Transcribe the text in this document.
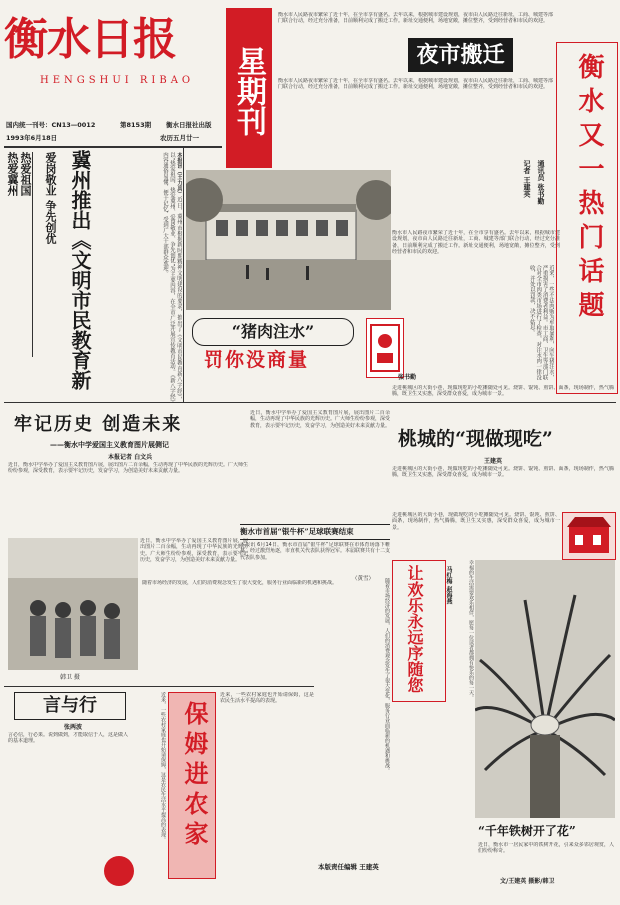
衡水日报
HENGSHUI RIBAO 星期刊
国内统一刊号：CN13—0012	第8153期 衡水日报社出版
1993年6月18日	农历五月廿一
热爱祖国
热爱冀州	爱岗敬业 争先创优
冀州推出《文明市民教育新
本报讯（王力具）近日，冀州市根据新时期精神文明建设的要求，推出了《文明市民教育新八字经》，以“热爱祖国、热爱冀州、爱岗敬业、争先创优”为主要内容，在全市广泛开展宣传教育活动。《新八字经》内容通俗易懂，便于记忆，受到广大干部群众欢迎。
夜市搬迁
衡水市人民路夜市繁荣了近十年，在全市享有盛名。去年以来，根据城市建设规划，夜市由人民路迁往新址，工商、城建等部门联合行动，经过充分准备，日前顺利完成了搬迁工作。新址交通便利，场地宽敞，摊位整齐，受到经营者和市民的欢迎。
衡水市人民路夜市繁荣了近十年，在全市享有盛名。去年以来，根据城市建设规划，夜市由人民路迁往新址，工商、城建等部门联合行动，经过充分准备，日前顺利完成了搬迁工作。新址交通便利，场地宽敞，摊位整齐，受到经营者和市民的欢迎。
衡水市人民路夜市繁荣了近十年，在全市享有盛名。去年以来，根据城市建设规划，夜市由人民路迁往新址，工商、城建等部门联合行动，经过充分准备，日前顺利完成了搬迁工作。新址交通便利，场地宽敞，摊位整齐，受到经营者和市民的欢迎。	衡水又一热门话题
记者 王建英 通讯员 张书勤
“猪肉注水”
罚你没商量	近来，一些不法肉贩为牟取暴利，向生猪注水，严重损害了消费者利益。市工商、卫生等部门联合对全市肉类市场进行了检查，对注水肉一律没收，并处以罚款，决不姑息。
张书勤
牢记历史 创造未来
——衡水中学爱国主义教育图片展侧记
本报记者 白文兵
近日，衡水中学举办了爱国主义教育图片展，展出图片二百余幅，生动再现了中华民族的光辉历史。广大师生纷纷参观，深受教育，表示要牢记历史，发奋学习，为创造美好未来贡献力量。
韩卫 摄
近日，衡水中学举办了爱国主义教育图片展，展出图片二百余幅，生动再现了中华民族的光辉历史。广大师生纷纷参观，深受教育，表示要牢记历史，发奋学习，为创造美好未来贡献力量。
近日，衡水中学举办了爱国主义教育图片展，展出图片二百余幅，生动再现了中华民族的光辉历史。广大师生纷纷参观，深受教育，表示要牢记历史，发奋学习，为创造美好未来贡献力量。
衡水市首届“银牛杯”足球联赛结束
本报讯 6月14日，衡水市首届“银牛杯”足球联赛在市体育场落下帷幕。经过激烈角逐，市直机关代表队获得冠军。本届联赛共有十二支代表队参加。
（黄雪）
随着市场经济的发展，人们的消费观念发生了很大变化，服务行业面临新的机遇和挑战。
走进桃城区的大街小巷，现做现吃的小吃摊随处可见。烧饼、馄饨、煎饼、面条，现场制作，热气腾腾，既卫生又实惠，深受群众喜爱，成为城市一景。
桃城的“现做现吃”
王建英
走进桃城区的大街小巷，现做现吃的小吃摊随处可见。烧饼、馄饨、煎饼、面条，现场制作，热气腾腾，既卫生又实惠，深受群众喜爱，成为城市一景。
走进桃城区的大街小巷，现做现吃的小吃摊随处可见。烧饼、馄饨、煎饼、面条，现场制作，热气腾腾，既卫生又实惠，深受群众喜爱，成为城市一景。
让欢乐永远序随您	马红梅 赵海燕	幸福的生活需要欢乐相伴，愿每一位读者都拥有快乐的每一天。
随着市场经济的发展，人们的消费观念发生了很大变化，服务行业面临新的机遇和挑战。
本版责任编辑 王建英
“千年铁树开了花”
近日，衡水市一居民家中的铁树开花，引来众多邻居观赏，人们纷纷称奇。
文/王建英 摄影/韩卫
言与行
张两波
言必信，行必果。说到做到，才能取信于人，这是做人的基本道理。	保姆进农家
近来，一些农村家庭也开始请保姆，这是农民生活水平提高的表现。	近来，一些农村家庭也开始请保姆，这是农民生活水平提高的表现。
